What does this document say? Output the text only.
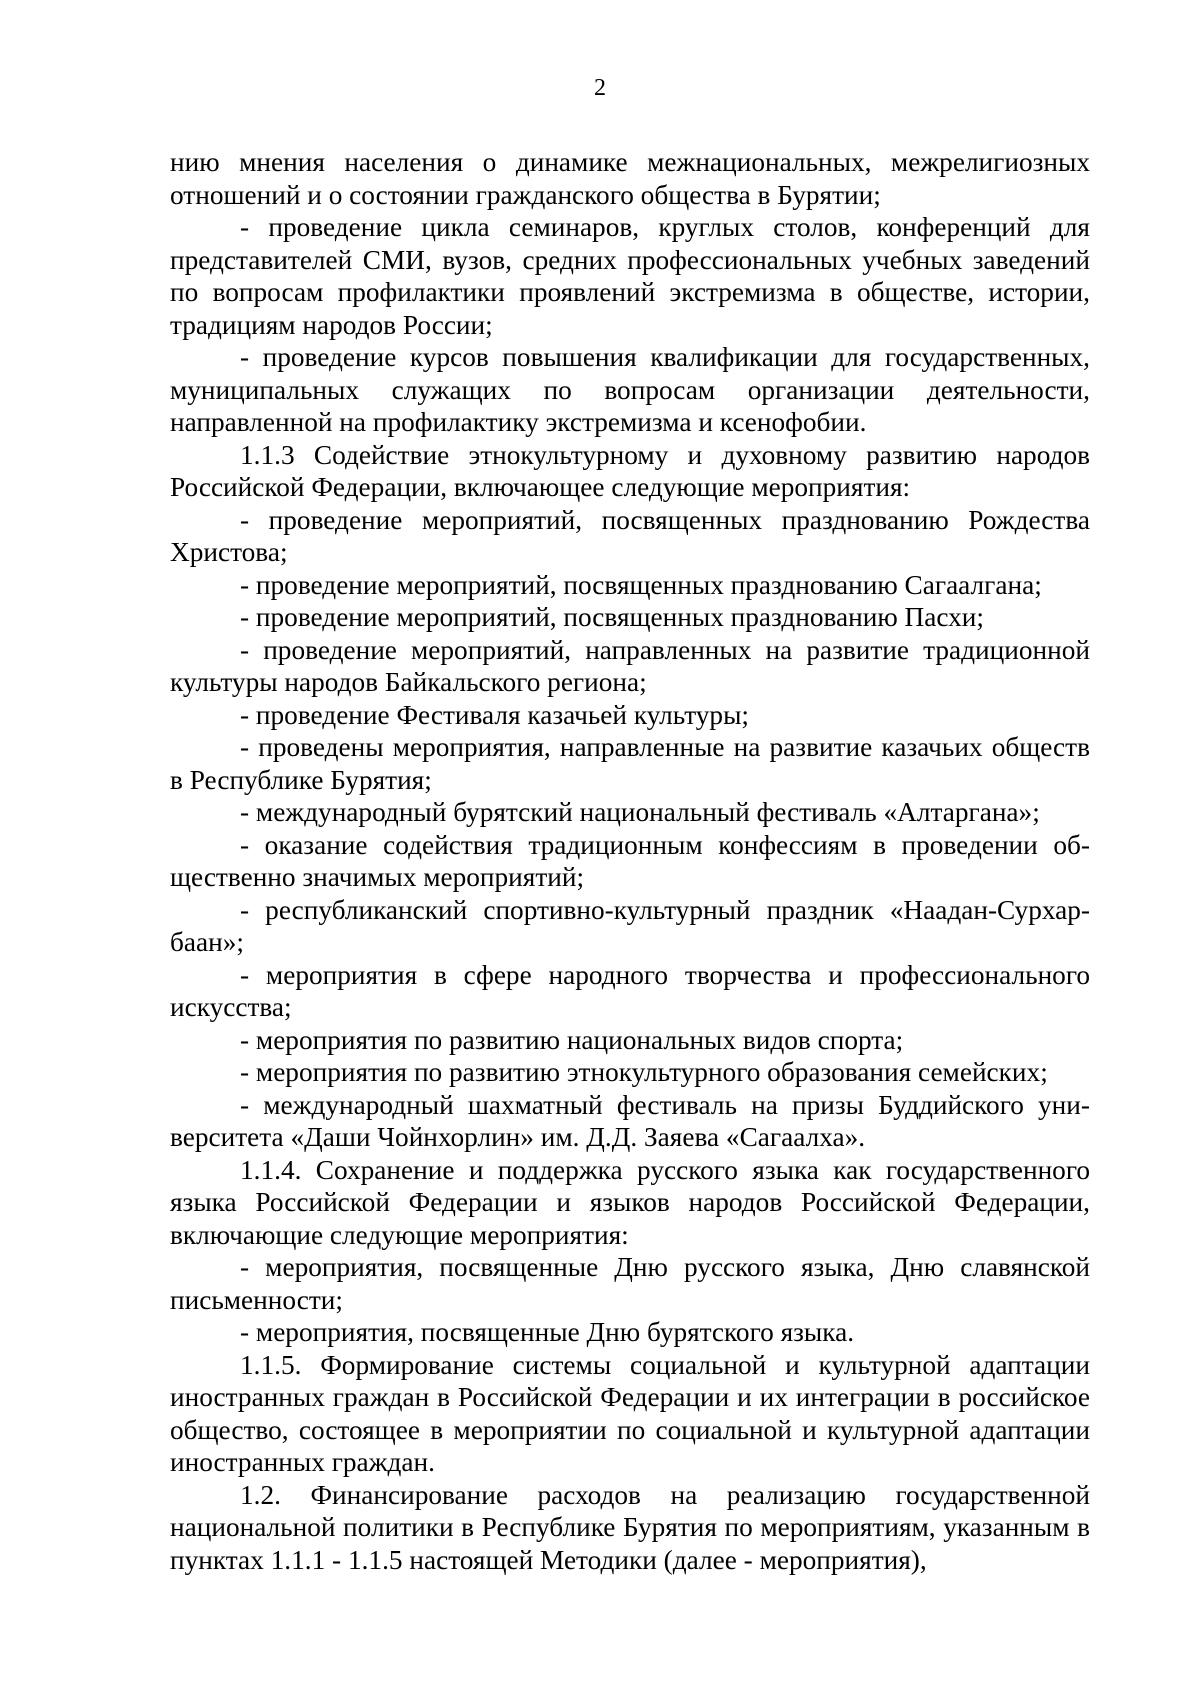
2

нию мнения населения о динамике межнациональных, межрелигиозных отношений и о состоянии гражданского общества в Бурятии;

- проведение цикла семинаров, круглых столов, конференций для представителей СМИ, вузов, средних профессиональных учебных заведений по вопросам профилактики проявлений экстремизма в обществе, истории, традициям народов России;

- проведение курсов повышения квалификации для государственных, муниципальных служащих по вопросам организации деятельности, направленной на профилактику экстремизма и ксенофобии.

1.1.3 Содействие этнокультурному и духовному развитию народов Российской Федерации, включающее следующие мероприятия:

- проведение мероприятий, посвященных празднованию Рождества Христова;

- проведение мероприятий, посвященных празднованию Сагаалгана;

- проведение мероприятий, посвященных празднованию Пасхи;

- проведение мероприятий, направленных на развитие традиционной культуры народов Байкальского региона;

- проведение Фестиваля казачьей культуры;

- проведены мероприятия, направленные на развитие казачьих обществ в Республике Бурятия;

- международный бурятский национальный фестиваль «Алтаргана»;

- оказание содействия традиционным конфессиям в проведении общественно значимых мероприятий;

- республиканский спортивно-культурный праздник «Наадан-Сурхарбаан»;

- мероприятия в сфере народного творчества и профессионального искусства;

- мероприятия по развитию национальных видов спорта;

- мероприятия по развитию этнокультурного образования семейских;

- международный шахматный фестиваль на призы Буддийского университета «Даши Чойнхорлин» им. Д.Д. Заяева «Сагаалха».

1.1.4. Сохранение и поддержка русского языка как государственного языка Российской Федерации и языков народов Российской Федерации, включающие следующие мероприятия:

- мероприятия, посвященные Дню русского языка, Дню славянской письменности;

- мероприятия, посвященные Дню бурятского языка.

1.1.5. Формирование системы социальной и культурной адаптации иностранных граждан в Российской Федерации и их интеграции в российское общество, состоящее в мероприятии по социальной и культурной адаптации иностранных граждан.

1.2. Финансирование расходов на реализацию государственной национальной политики в Республике Бурятия по мероприятиям, указанным в пунктах 1.1.1 - 1.1.5 настоящей Методики (далее - мероприятия),
